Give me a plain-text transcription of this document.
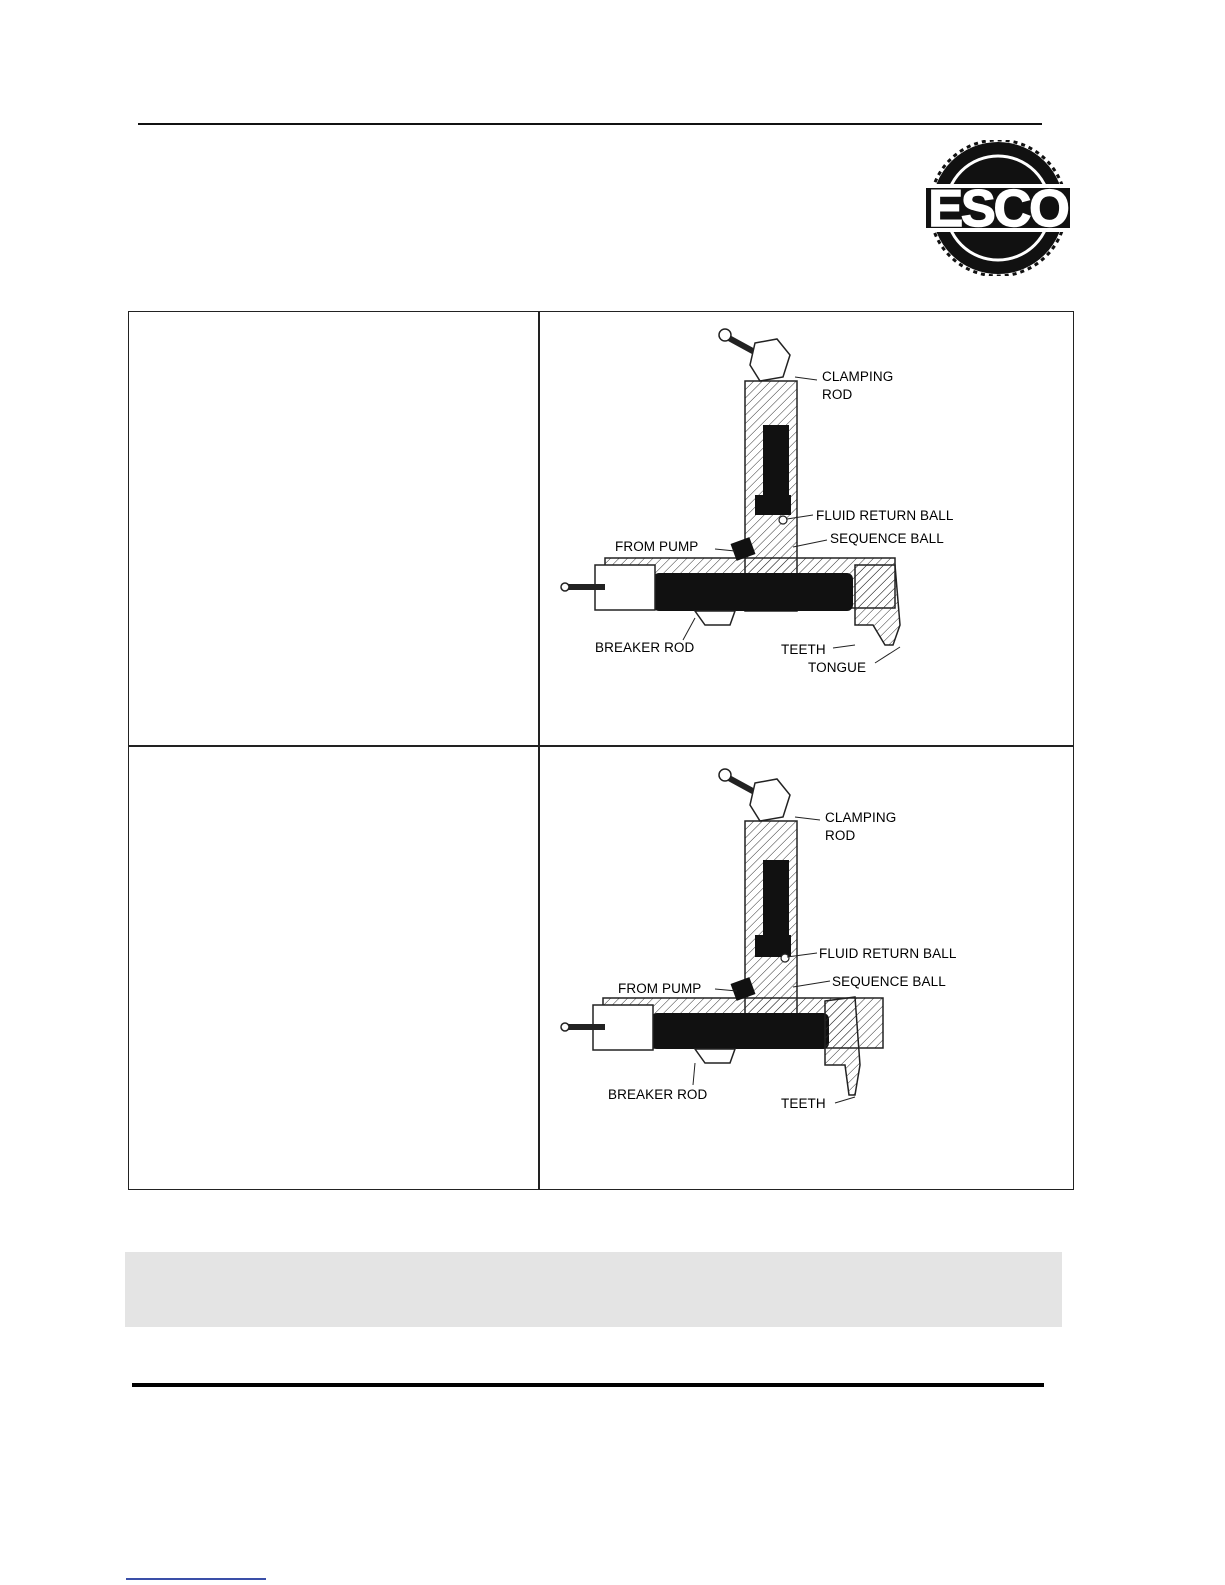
ESCO
CLAMPING
ROD
FLUID RETURN BALL
FROM PUMP
SEQUENCE BALL
BREAKER ROD	TEETH
TONGUE
CLAMPING
ROD
FLUID RETURN BALL
FROM PUMP	SEQUENCE BALL
BREAKER ROD
TEETH
